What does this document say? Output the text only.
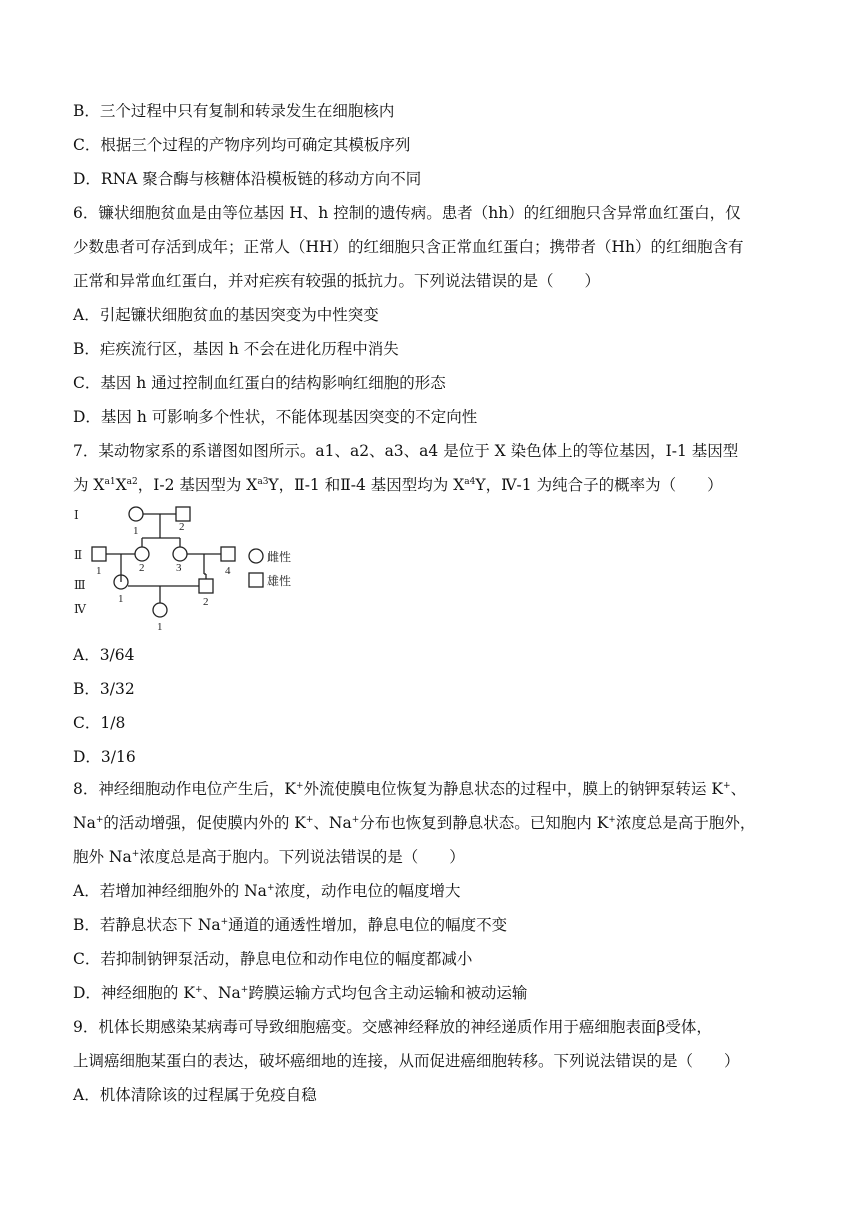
B．三个过程中只有复制和转录发生在细胞核内
C．根据三个过程的产物序列均可确定其模板序列
D．RNA 聚合酶与核糖体沿模板链的移动方向不同
6．镰状细胞贫血是由等位基因 H、h 控制的遗传病。患者（hh）的红细胞只含异常血红蛋白，仅
少数患者可存活到成年；正常人（HH）的红细胞只含正常血红蛋白；携带者（Hh）的红细胞含有
正常和异常血红蛋白，并对疟疾有较强的抵抗力。下列说法错误的是（　　）
A．引起镰状细胞贫血的基因突变为中性突变
B．疟疾流行区，基因 h 不会在进化历程中消失
C．基因 h 通过控制血红蛋白的结构影响红细胞的形态
D．基因 h 可影响多个性状，不能体现基因突变的不定向性
7．某动物家系的系谱图如图所示。a1、a2、a3、a4 是位于 X 染色体上的等位基因，Ⅰ-1 基因型
为 $X^{a1}X^{a2}$，Ⅰ-2 基因型为 $X^{a3}Y$，Ⅱ-1 和Ⅱ-4 基因型均为 $X^{a4}Y$，Ⅳ-1 为纯合子的概率为（　　）
Ⅰ
Ⅱ
Ⅲ
Ⅳ
1	2
1	2	3	4
1	2
1
雌性
雄性
A．3/64
B．3/32
C．1/8
D．3/16
8．神经细胞动作电位产生后，K+外流使膜电位恢复为静息状态的过程中，膜上的钠钾泵转运 K+、
Na+的活动增强，促使膜内外的 K+、Na+分布也恢复到静息状态。已知胞内 K+浓度总是高于胞外，
胞外 Na+浓度总是高于胞内。下列说法错误的是（　　）
A．若增加神经细胞外的 Na+浓度，动作电位的幅度增大
B．若静息状态下 Na+通道的通透性增加，静息电位的幅度不变
C．若抑制钠钾泵活动，静息电位和动作电位的幅度都减小
D．神经细胞的 K+、Na+跨膜运输方式均包含主动运输和被动运输
9．机体长期感染某病毒可导致细胞癌变。交感神经释放的神经递质作用于癌细胞表面β受体，
上调癌细胞某蛋白的表达，破坏癌细地的连接，从而促进癌细胞转移。下列说法错误的是（　　）
A．机体清除该的过程属于免疫自稳
